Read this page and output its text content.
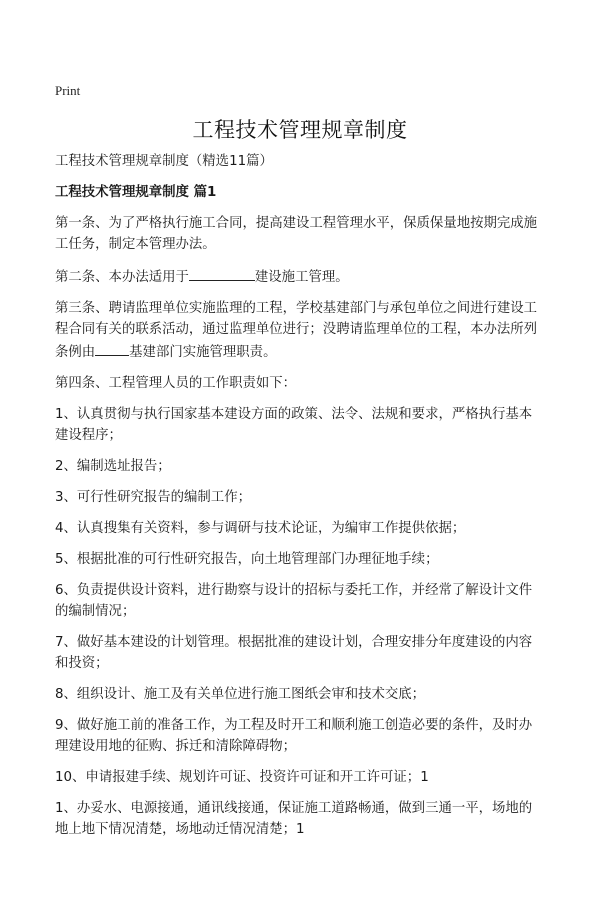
Print
工程技术管理规章制度

工程技术管理规章制度（精选11篇）

工程技术管理规章制度 篇1

第一条、为了严格执行施工合同，提高建设工程管理水平，保质保量地按期完成施
工任务，制定本管理办法。

第二条、本办法适用于	建设施工管理。

第三条、聘请监理单位实施监理的工程，学校基建部门与承包单位之间进行建设工
程合同有关的联系活动，通过监理单位进行；没聘请监理单位的工程，本办法所列
条例由	基建部门实施管理职责。

第四条、工程管理人员的工作职责如下：

1、认真贯彻与执行国家基本建设方面的政策、法令、法规和要求，严格执行基本
建设程序；

2、编制选址报告；

3、可行性研究报告的编制工作；

4、认真搜集有关资料，参与调研与技术论证，为编审工作提供依据；

5、根据批准的可行性研究报告，向土地管理部门办理征地手续；

6、负责提供设计资料，进行勘察与设计的招标与委托工作，并经常了解设计文件
的编制情况；

7、做好基本建设的计划管理。根据批准的建设计划，合理安排分年度建设的内容
和投资；

8、组织设计、施工及有关单位进行施工图纸会审和技术交底；

9、做好施工前的准备工作，为工程及时开工和顺利施工创造必要的条件，及时办
理建设用地的征购、拆迁和清除障碍物；

10、申请报建手续、规划许可证、投资许可证和开工许可证；1

1、办妥水、电源接通，通讯线接通，保证施工道路畅通，做到三通一平，场地的
地上地下情况清楚，场地动迁情况清楚；1
